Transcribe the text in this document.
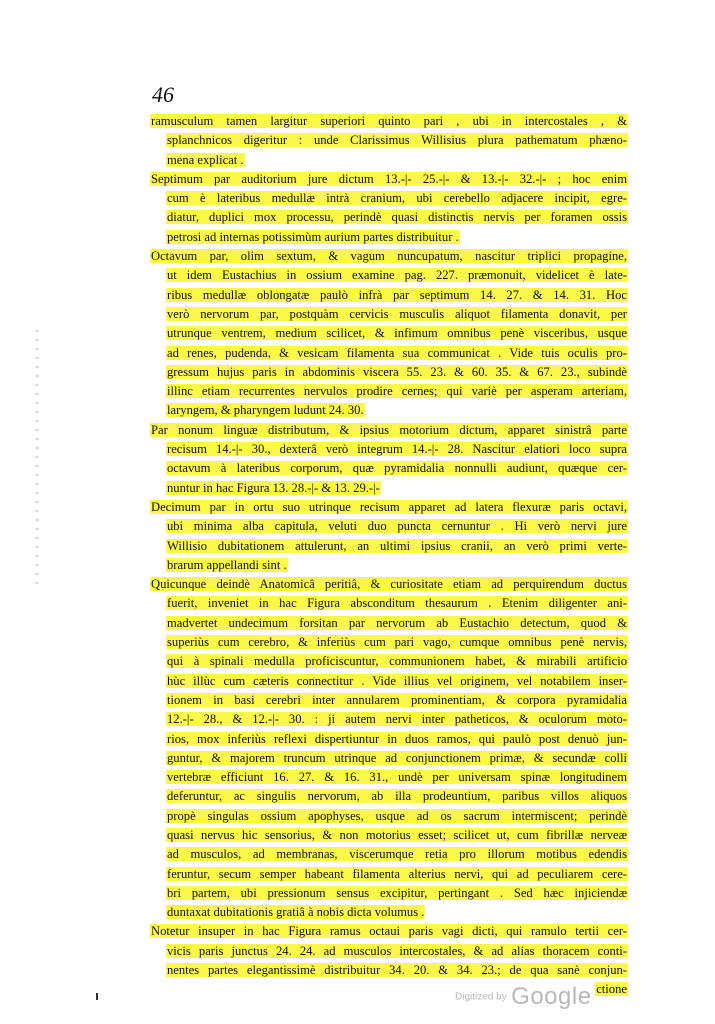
46
ramusculum tamen largitur superiori quinto pari , ubi in intercostales , &
splanchnicos digeritur : unde Clarissimus Willisius plura pathematum phæno-
mena explicat .
Septimum par auditorium jure dictum 13.-|- 25.-|- & 13.-|- 32.-|- ; hoc enim
cum è lateribus medullæ intrà cranium, ubi cerebello adjacere incipit, egre-
diatur, duplici mox processu, perindè quasi distinctis nervis per foramen ossis
petrosi ad internas potissimùm aurium partes distribuitur .
Octavum par, olim sextum, & vagum nuncupatum, nascitur triplici propagine,
ut idem Eustachius in ossium examine pag. 227. præmonuit, videlicet è late-
ribus medullæ oblongatæ paulò infrà par septimum 14. 27. & 14. 31. Hoc
verò nervorum par, postquàm cervicis musculis aliquot filamenta donavit, per
utrunque ventrem, medium scilicet, & infimum omnibus penè visceribus, usque
ad renes, pudenda, & vesicam filamenta sua communicat . Vide tuis oculis pro-
gressum hujus paris in abdominis viscera 55. 23. & 60. 35. & 67. 23., subindè
illinc etiam recurrentes nervulos prodire cernes; qui variè per asperam arteriam,
laryngem, & pharyngem ludunt 24. 30.
Par nonum linguæ distributum, & ipsius motorium dictum, apparet sinistrâ parte
recisum 14.-|- 30., dexterâ verò integrum 14.-|- 28. Nascitur elatiori loco supra
octavum à lateribus corporum, quæ pyramidalia nonnulli audiunt, quæque cer-
nuntur in hac Figura 13. 28.-|- & 13. 29.-|-
Decimum par in ortu suo utrinque recisum apparet ad latera flexuræ paris octavi,
ubi minima alba capitula, veluti duo puncta cernuntur . Hi verò nervi jure
Willisio dubitationem attulerunt, an ultimi ipsius cranii, an verò primi verte-
brarum appellandi sint .
Quicunque deindè Anatomicâ peritiâ, & curiositate etiam ad perquirendum ductus
fuerit, inveniet in hac Figura absconditum thesaurum . Etenim diligenter ani-
madvertet undecimum forsitan par nervorum ab Eustachio detectum, quod &
superiùs cum cerebro, & inferiùs cum pari vago, cumque omnibus penè nervis,
qui à spinali medulla proficiscuntur, communionem habet, & mirabili artificio
hùc illùc cum cæteris connectitur . Vide illius vel originem, vel notabilem inser-
tionem in basi cerebri inter annularem prominentiam, & corpora pyramidalia
12.-|- 28., & 12.-|- 30. : ji autem nervi inter patheticos, & oculorum moto-
rios, mox inferiùs reflexi dispertiuntur in duos ramos, qui paulò post denuò jun-
guntur, & majorem truncum utrinque ad conjunctionem primæ, & secundæ colli
vertebræ efficiunt 16. 27. & 16. 31., undè per universam spinæ longitudinem
deferuntur, ac singulis nervorum, ab illa prodeuntium, paribus villos aliquos
propè singulas ossium apophyses, usque ad os sacrum intermiscent; perindè
quasi nervus hic sensorius, & non motorius esset; scilicet ut, cum fibrillæ nerveæ
ad musculos, ad membranas, viscerumque retia pro illorum motibus edendis
feruntur, secum semper habeant filamenta alterius nervi, qui ad peculiarem cere-
bri partem, ubi pressionum sensus excipitur, pertingant . Sed hæc injiciendæ
duntaxat dubitationis gratiâ à nobis dicta volumus .
Notetur insuper in hac Figura ramus octaui paris vagi dicti, qui ramulo tertii cer-
vicis paris junctus 24. 24. ad musculos intercostales, & ad alias thoracem conti-
nentes partes elegantissimè distribuitur 34. 20. & 34. 23.; de qua sanè conjun-
ctione
Digitized by Google
